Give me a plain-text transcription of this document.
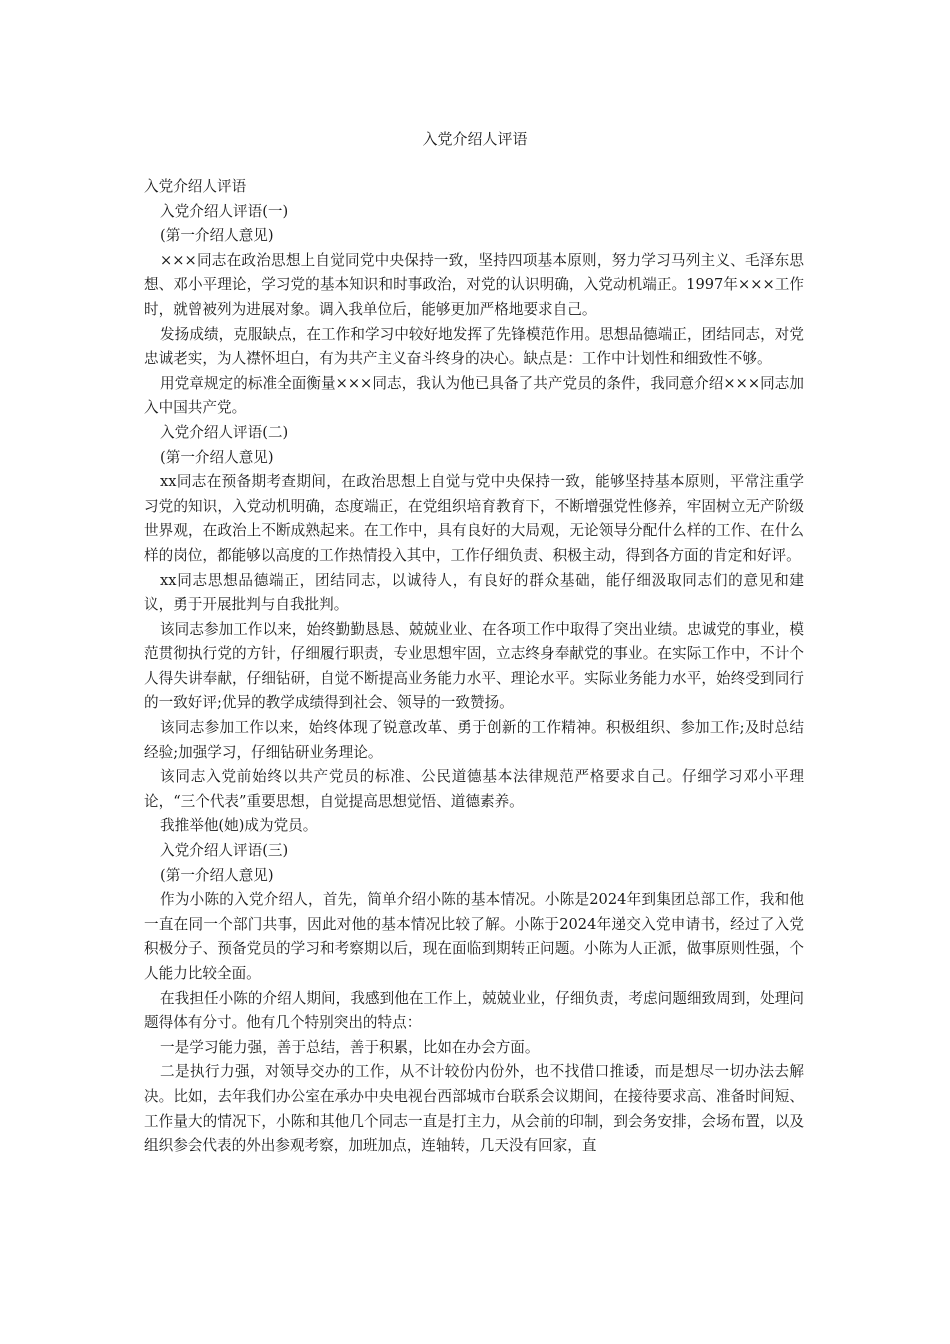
入党介绍人评语

入党介绍人评语

入党介绍人评语(一)

(第一介绍人意见)

×××同志在政治思想上自觉同党中央保持一致，坚持四项基本原则，努力学习马列主义、毛泽东思想、邓小平理论，学习党的基本知识和时事政治，对党的认识明确，入党动机端正。1997年×××工作时，就曾被列为进展对象。调入我单位后，能够更加严格地要求自己。

发扬成绩，克服缺点，在工作和学习中较好地发挥了先锋模范作用。思想品德端正，团结同志，对党忠诚老实，为人襟怀坦白，有为共产主义奋斗终身的决心。缺点是：工作中计划性和细致性不够。

用党章规定的标准全面衡量×××同志，我认为他已具备了共产党员的条件，我同意介绍×××同志加入中国共产党。

入党介绍人评语(二)

(第一介绍人意见)

xx同志在预备期考查期间，在政治思想上自觉与党中央保持一致，能够坚持基本原则，平常注重学习党的知识，入党动机明确，态度端正，在党组织培育教育下，不断增强党性修养，牢固树立无产阶级世界观，在政治上不断成熟起来。在工作中，具有良好的大局观，无论领导分配什么样的工作、在什么样的岗位，都能够以高度的工作热情投入其中，工作仔细负责、积极主动，得到各方面的肯定和好评。

xx同志思想品德端正，团结同志，以诚待人，有良好的群众基础，能仔细汲取同志们的意见和建议，勇于开展批判与自我批判。

该同志参加工作以来，始终勤勤恳恳、兢兢业业、在各项工作中取得了突出业绩。忠诚党的事业，模范贯彻执行党的方针，仔细履行职责，专业思想牢固，立志终身奉献党的事业。在实际工作中，不计个人得失讲奉献，仔细钻研，自觉不断提高业务能力水平、理论水平。实际业务能力水平，始终受到同行的一致好评;优异的教学成绩得到社会、领导的一致赞扬。

该同志参加工作以来，始终体现了锐意改革、勇于创新的工作精神。积极组织、参加工作;及时总结经验;加强学习，仔细钻研业务理论。

该同志入党前始终以共产党员的标准、公民道德基本法律规范严格要求自己。仔细学习邓小平理论，“三个代表”重要思想，自觉提高思想觉悟、道德素养。

我推举他(她)成为党员。

入党介绍人评语(三)

(第一介绍人意见)

作为小陈的入党介绍人，首先，简单介绍小陈的基本情况。小陈是2024年到集团总部工作，我和他一直在同一个部门共事，因此对他的基本情况比较了解。小陈于2024年递交入党申请书，经过了入党积极分子、预备党员的学习和考察期以后，现在面临到期转正问题。小陈为人正派，做事原则性强，个人能力比较全面。

在我担任小陈的介绍人期间，我感到他在工作上，兢兢业业，仔细负责，考虑问题细致周到，处理问题得体有分寸。他有几个特别突出的特点：

一是学习能力强，善于总结，善于积累，比如在办会方面。

二是执行力强，对领导交办的工作，从不计较份内份外，也不找借口推诿，而是想尽一切办法去解决。比如，去年我们办公室在承办中央电视台西部城市台联系会议期间，在接待要求高、准备时间短、工作量大的情况下，小陈和其他几个同志一直是打主力，从会前的印制，到会务安排，会场布置，以及组织参会代表的外出参观考察，加班加点，连轴转，几天没有回家，直
